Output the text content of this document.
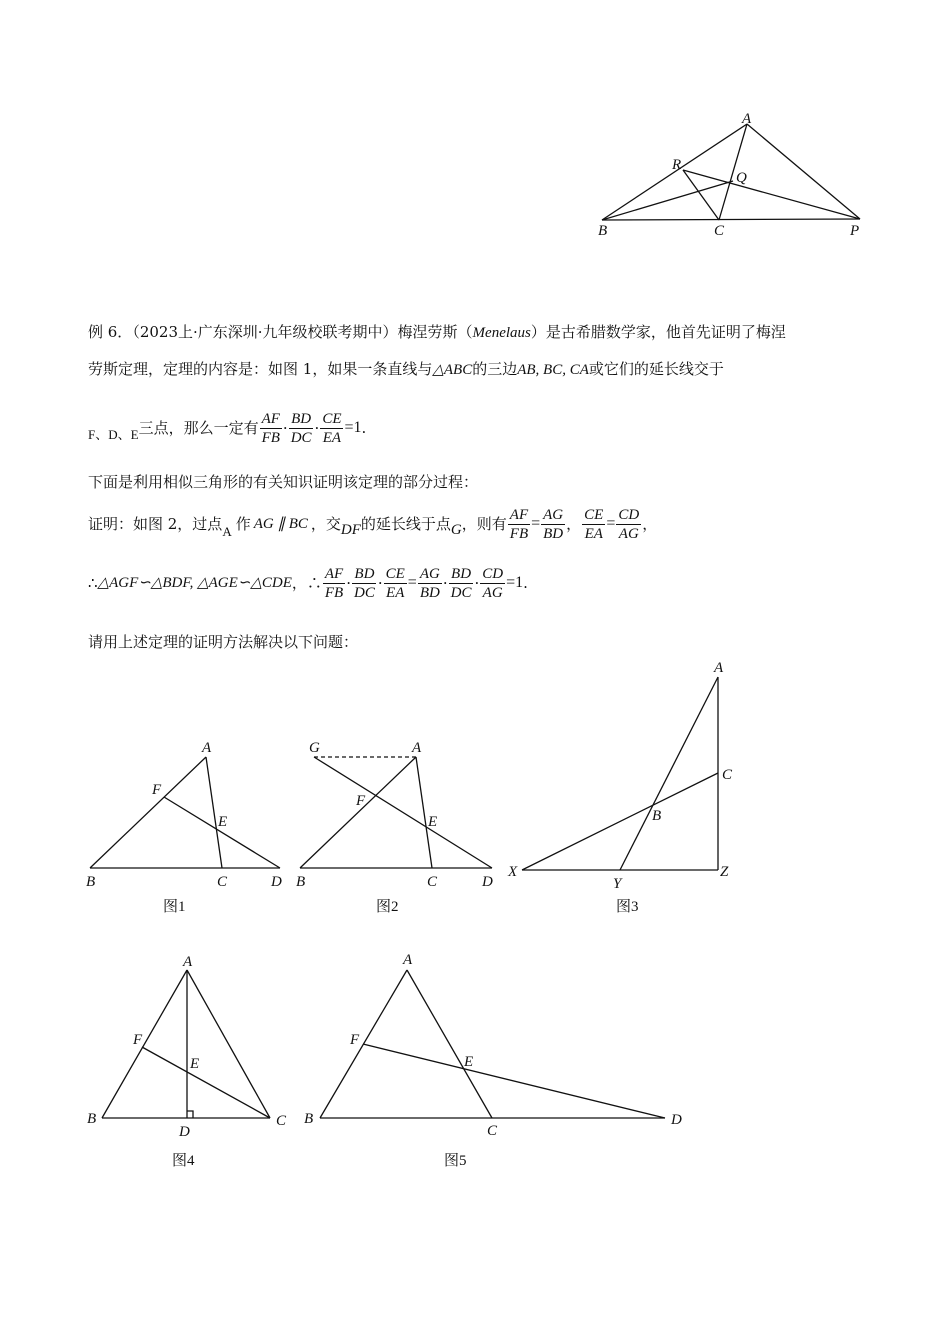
A
R
Q
B	C	P
例 6．（2023上·广东深圳·九年级校联考期中）梅涅劳斯（Menelaus）是古希腊数学家，他首先证明了梅涅
劳斯定理，定理的内容是：如图 1，如果一条直线与△ABC的三边AB, BC, CA或它们的延长线交于
F、D、E 三点，那么一定有 $\frac{AF}{FB} \cdot \frac{BD}{DC} \cdot \frac{CE}{EA} =1$ .
下面是利用相似三角形的有关知识证明该定理的部分过程：
证明：如图 2，过点 A 作 AG ∥ BC ，交 DF 的延长线于点 G ，则有 $\frac{AF}{FB} = \frac{AG}{BD}$ ， $\frac{CE}{EA} = \frac{CD}{AG}$ ，
∴ △AGF∽△BDF, △AGE∽△CDE ，∴ $\frac{AF}{FB} \cdot \frac{BD}{DC} \cdot \frac{CE}{EA} = \frac{AG}{BD} \cdot \frac{BD}{DC} \cdot \frac{CD}{AG} =1$ .
请用上述定理的证明方法解决以下问题：
A
F
E
B	C	D
图1
G	A
F
E
B	C	D
图2
A
C
B
X
Y
Z
图3
A
F
E
B
D
C
图4
A
F
E
B
C
D
图5
